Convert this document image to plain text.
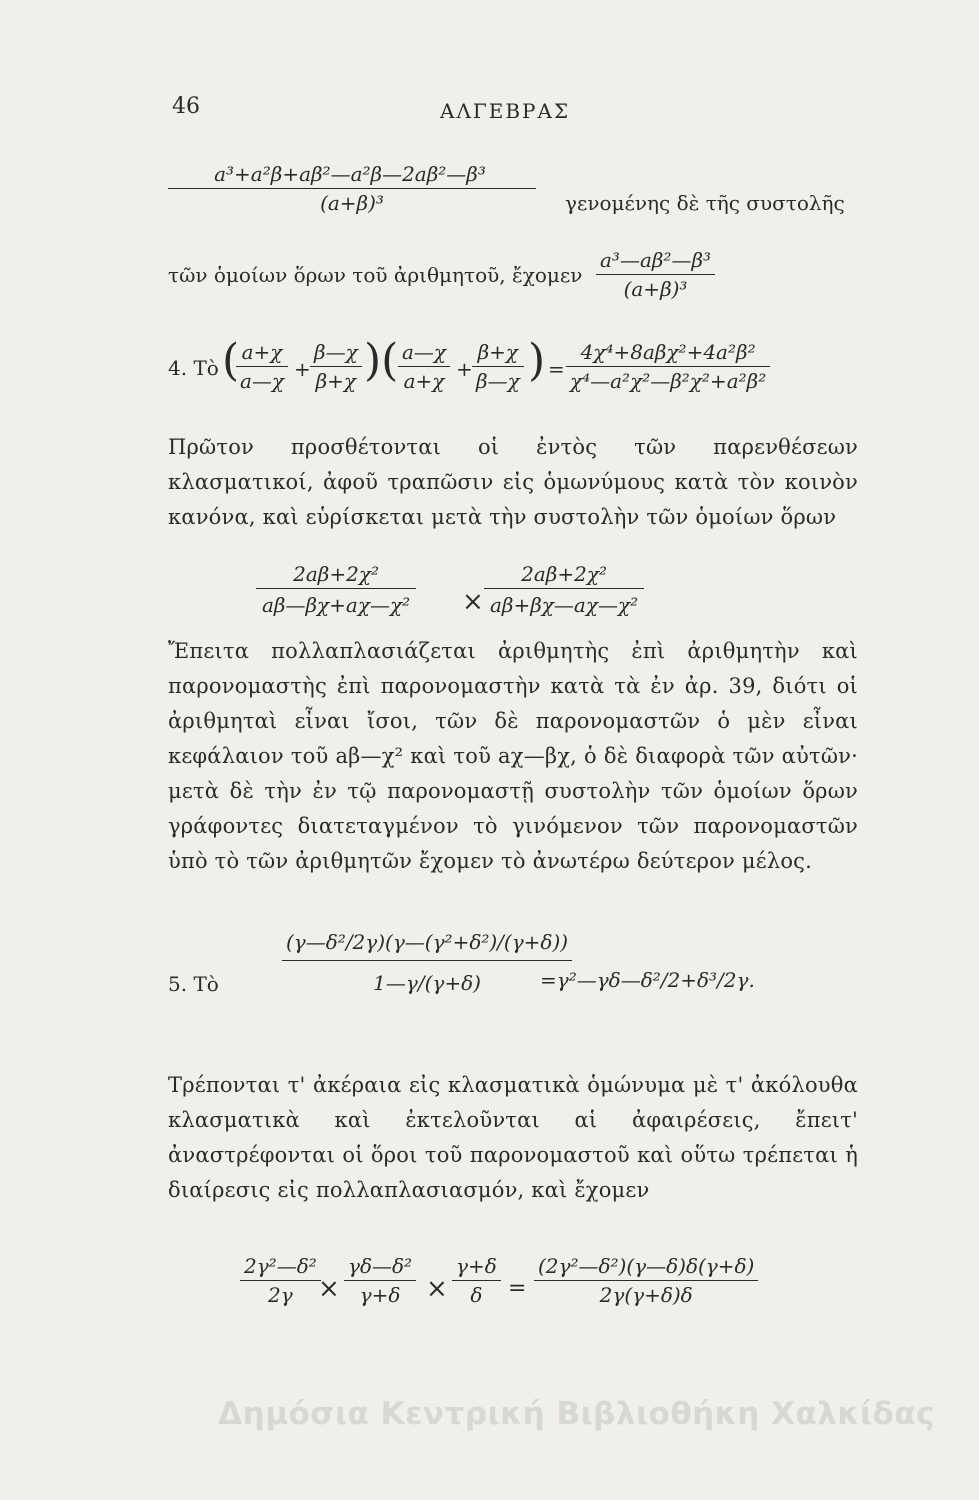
46	ΑΛΓΕΒΡΑΣ
$\frac{\text{a³+a²β+aβ²—a²β—2aβ²—β³}}{\text{(a+β)³}}$ γενομένης δὲ τῆς συστολῆς
τῶν ὁμοίων ὅρων τοῦ ἀριθμητοῦ, ἔχομεν $\frac{\text{a³—aβ²—β³}}{\text{(a+β)³}}$
4. Τὸ (
$\frac{a+\chi}{a—\chi} + \frac{\beta—\chi}{\beta+\chi}$ )( $\frac{a—\chi}{a+\chi} + \frac{\beta+\chi}{\beta—\chi}$ ) =
4χ⁴+8aβχ²+4a²β²
χ⁴—a²χ²—β²χ²+a²β²
Πρῶτον προσθέτονται οἱ ἐντὸς τῶν παρενθέσεων κλασματικοί, ἀφοῦ τραπῶσιν εἰς ὁμωνύμους κατὰ τὸν κοινὸν κανόνα, καὶ εὑρίσκεται μετὰ τὴν συστολὴν τῶν ὁμοίων ὅρων
$\frac{\text{2aβ+2χ²}}{\text{aβ—βχ+aχ—χ²}} \times \frac{\text{2aβ+2χ²}}{\text{aβ+βχ—aχ—χ²}}$
Ἔπειτα πολλαπλασιάζεται ἀριθμητὴς ἐπὶ ἀριθμητὴν καὶ παρονομαστὴς ἐπὶ παρονομαστὴν κατὰ τὰ ἐν ἀρ. 39, διότι οἱ ἀριθμηταὶ εἶναι ἴσοι, τῶν δὲ παρονομαστῶν ὁ μὲν εἶναι κεφάλαιον τοῦ aβ—χ² καὶ τοῦ aχ—βχ, ὁ δὲ διαφορὰ τῶν αὐτῶν· μετὰ δὲ τὴν ἐν τῷ παρονομαστῇ συστολὴν τῶν ὁμοίων ὅρων γράφοντες διατεταγμένον τὸ γινόμενον τῶν παρονομαστῶν ὑπὸ τὸ τῶν ἀριθμητῶν ἔχομεν τὸ ἀνωτέρω δεύτερον μέλος.
5. Τὸ	$\frac{\text{(γ—δ²/2γ)(γ—(γ²+δ²)/(γ+δ))}}{1—\gamma/(\gamma+\delta)}$
=γ²—γδ—δ²/2+δ³/2γ.
Τρέπονται τ' ἀκέραια εἰς κλασματικὰ ὁμώνυμα μὲ τ' ἀκόλουθα κλασματικὰ καὶ ἐκτελοῦνται αἱ ἀφαιρέσεις, ἔπειτ' ἀναστρέφονται οἱ ὅροι τοῦ παρονομαστοῦ καὶ οὕτω τρέπεται ἡ διαίρεσις εἰς πολλαπλασιασμόν, καὶ ἔχομεν
$\frac{\text{2γ²—δ²}}{2\gamma}$
× $\frac{\text{γδ—δ²}}{\gamma+\delta} \times \frac{\gamma+\delta}{\delta} = \frac{\text{(2γ²—δ²)(γ—δ)δ(γ+δ)}}{2\gamma(\gamma+\delta)\delta}$
Δημόσια Κεντρική Βιβλιοθήκη Χαλκίδας
